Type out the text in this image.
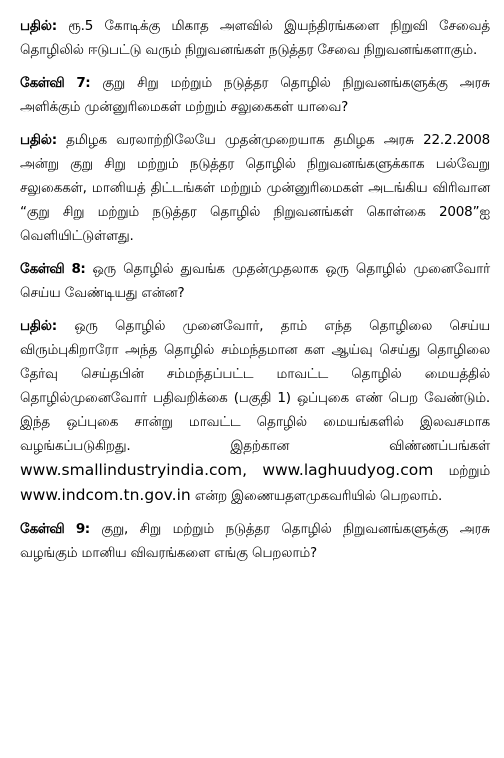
பதில்: ரூ.5 கோடிக்கு மிகாத அளவில் இயந்திரங்களை நிறுவி சேவைத் தொழிலில் ஈடுபட்டு வரும் நிறுவனங்கள் நடுத்தர சேவை நிறுவனங்களாகும்.

கேள்வி 7: குறு சிறு மற்றும் நடுத்தர தொழில் நிறுவனங்களுக்கு அரசு அளிக்கும் முன்னுரிமைகள் மற்றும் சலுகைகள் யாவை?

பதில்: தமிழக வரலாற்றிலேயே முதன்முறையாக தமிழக அரசு 22.2.2008 அன்று குறு சிறு மற்றும் நடுத்தர தொழில் நிறுவனங்களுக்காக பல்வேறு சலுகைகள், மானியத் திட்டங்கள் மற்றும் முன்னுரிமைகள் அடங்கிய விரிவான “குறு சிறு மற்றும் நடுத்தர தொழில் நிறுவனங்கள் கொள்கை 2008”ஐ வெளியிட்டுள்ளது.

கேள்வி 8: ஒரு தொழில் துவங்க முதன்முதலாக ஒரு தொழில் முனைவோர் செய்ய வேண்டியது என்ன?

பதில்: ஒரு தொழில் முனைவோர், தாம் எந்த தொழிலை செய்ய விரும்புகிறாரோ அந்த தொழில் சம்மந்தமான கள ஆய்வு செய்து தொழிலை தேர்வு செய்தபின் சம்மந்தப்பட்ட மாவட்ட தொழில் மையத்தில் தொழில்முனைவோர் பதிவறிக்கை (பகுதி 1) ஒப்புகை எண் பெற வேண்டும். இந்த ஒப்புகை சான்று மாவட்ட தொழில் மையங்களில் இலவசமாக வழங்கப்படுகிறது. இதற்கான விண்ணப்பங்கள் www.smallindustryindia.com, www.laghuudyog.com மற்றும் www.indcom.tn.gov.in என்ற இணையதளமுகவரியில் பெறலாம்.

கேள்வி 9: குறு, சிறு மற்றும் நடுத்தர தொழில் நிறுவனங்களுக்கு அரசு வழங்கும் மானிய விவரங்களை எங்கு பெறலாம்?
